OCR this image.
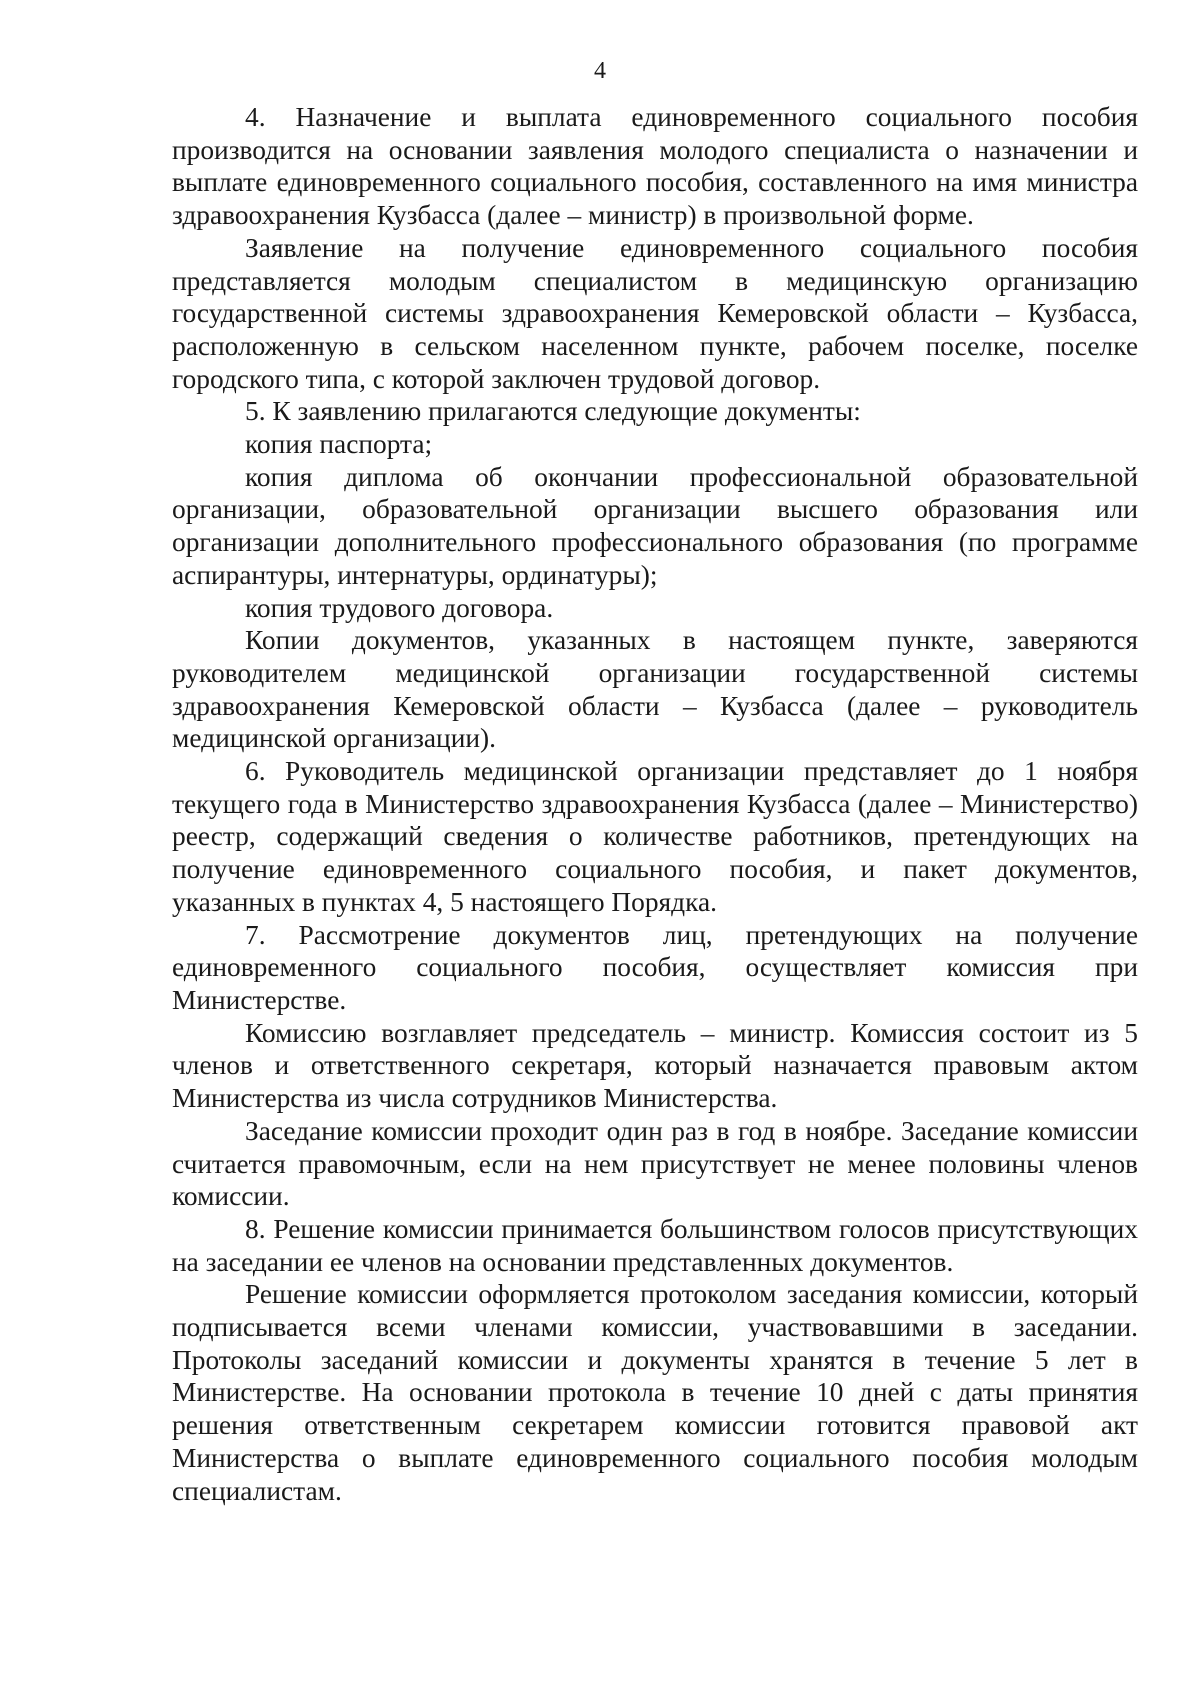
4

4. Назначение и выплата единовременного социального пособия производится на основании заявления молодого специалиста о назначении и выплате единовременного социального пособия, составленного на имя министра здравоохранения Кузбасса (далее – министр) в произвольной форме.

Заявление на получение единовременного социального пособия представляется молодым специалистом в медицинскую организацию государственной системы здравоохранения Кемеровской области – Кузбасса, расположенную в сельском населенном пункте, рабочем поселке, поселке городского типа, с которой заключен трудовой договор.

5. К заявлению прилагаются следующие документы:

копия паспорта;

копия диплома об окончании профессиональной образовательной организации, образовательной организации высшего образования или организации дополнительного профессионального образования (по программе аспирантуры, интернатуры, ординатуры);

копия трудового договора.

Копии документов, указанных в настоящем пункте, заверяются руководителем медицинской организации государственной системы здравоохранения Кемеровской области – Кузбасса (далее – руководитель медицинской организации).

6. Руководитель медицинской организации представляет до 1 ноября текущего года в Министерство здравоохранения Кузбасса (далее – Министерство) реестр, содержащий сведения о количестве работников, претендующих на получение единовременного социального пособия, и пакет документов, указанных в пунктах 4, 5 настоящего Порядка.

7. Рассмотрение документов лиц, претендующих на получение единовременного социального пособия, осуществляет комиссия при Министерстве.

Комиссию возглавляет председатель – министр. Комиссия состоит из 5 членов и ответственного секретаря, который назначается правовым актом Министерства из числа сотрудников Министерства.

Заседание комиссии проходит один раз в год в ноябре. Заседание комиссии считается правомочным, если на нем присутствует не менее половины членов комиссии.

8. Решение комиссии принимается большинством голосов присутствующих на заседании ее членов на основании представленных документов.

Решение комиссии оформляется протоколом заседания комиссии, который подписывается всеми членами комиссии, участвовавшими в заседании. Протоколы заседаний комиссии и документы хранятся в течение 5 лет в Министерстве. На основании протокола в течение 10 дней с даты принятия решения ответственным секретарем комиссии готовится правовой акт Министерства о выплате единовременного социального пособия молодым специалистам.
